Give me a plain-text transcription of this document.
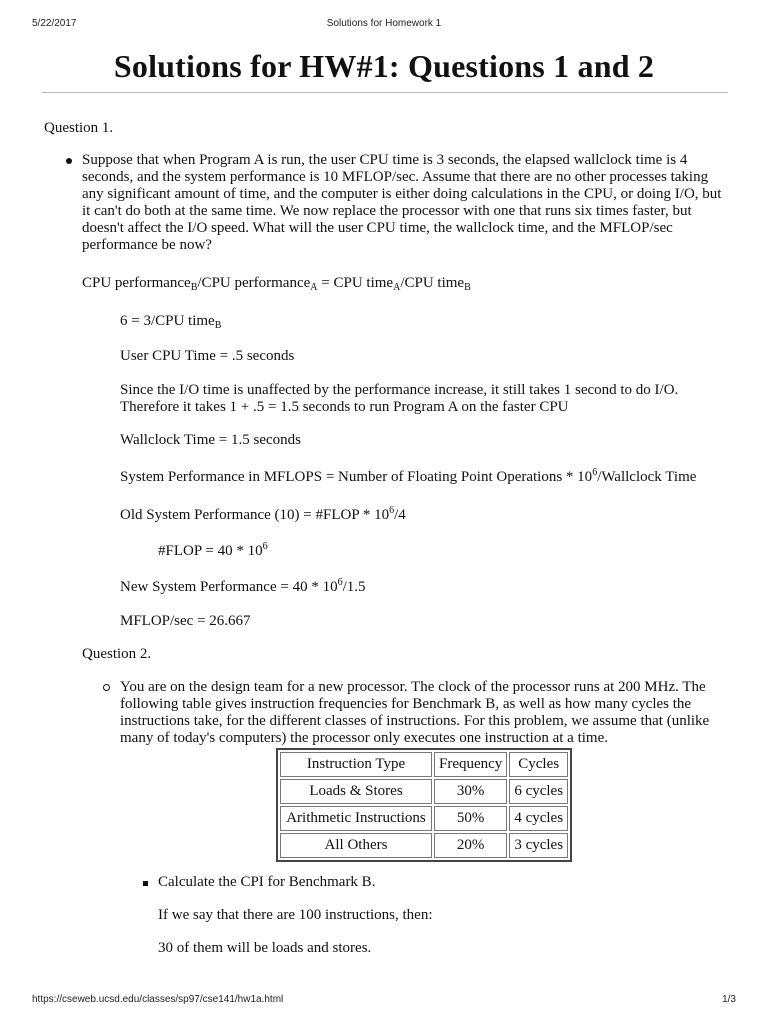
5/22/2017	Solutions for Homework 1
Solutions for HW#1: Questions 1 and 2

Question 1.

Suppose that when Program A is run, the user CPU time is 3 seconds, the elapsed wallclock time is 4 seconds, and the system performance is 10 MFLOP/sec. Assume that there are no other processes taking any significant amount of time, and the computer is either doing calculations in the CPU, or doing I/O, but it can't do both at the same time. We now replace the processor with one that runs six times faster, but doesn't affect the I/O speed. What will the user CPU time, the wallclock time, and the MFLOP/sec performance be now?

CPU performance$_B$/CPU performance$_A$ = CPU time$_A$/CPU time$_B$

6 = 3/CPU time$_B$

User CPU Time = .5 seconds

Since the I/O time is unaffected by the performance increase, it still takes 1 second to do I/O. Therefore it takes 1 + .5 = 1.5 seconds to run Program A on the faster CPU

Wallclock Time = 1.5 seconds

System Performance in MFLOPS = Number of Floating Point Operations * $10^6$/Wallclock Time

Old System Performance (10) = #FLOP * $10^6/4$

#FLOP = $40 * 10^6$

New System Performance = $40 * 10^6/1.5$

MFLOP/sec = 26.667

Question 2.

You are on the design team for a new processor. The clock of the processor runs at 200 MHz. The following table gives instruction frequencies for Benchmark B, as well as how many cycles the instructions take, for the different classes of instructions. For this problem, we assume that (unlike many of today's computers) the processor only executes one instruction at a time.

Instruction Type	Frequency	Cycles
Loads & Stores	30%	6 cycles
Arithmetic Instructions	50%	4 cycles
All Others	20%	3 cycles

Calculate the CPI for Benchmark B.

If we say that there are 100 instructions, then:

30 of them will be loads and stores.

https://cseweb.ucsd.edu/classes/sp97/cse141/hw1a.html	1/3
